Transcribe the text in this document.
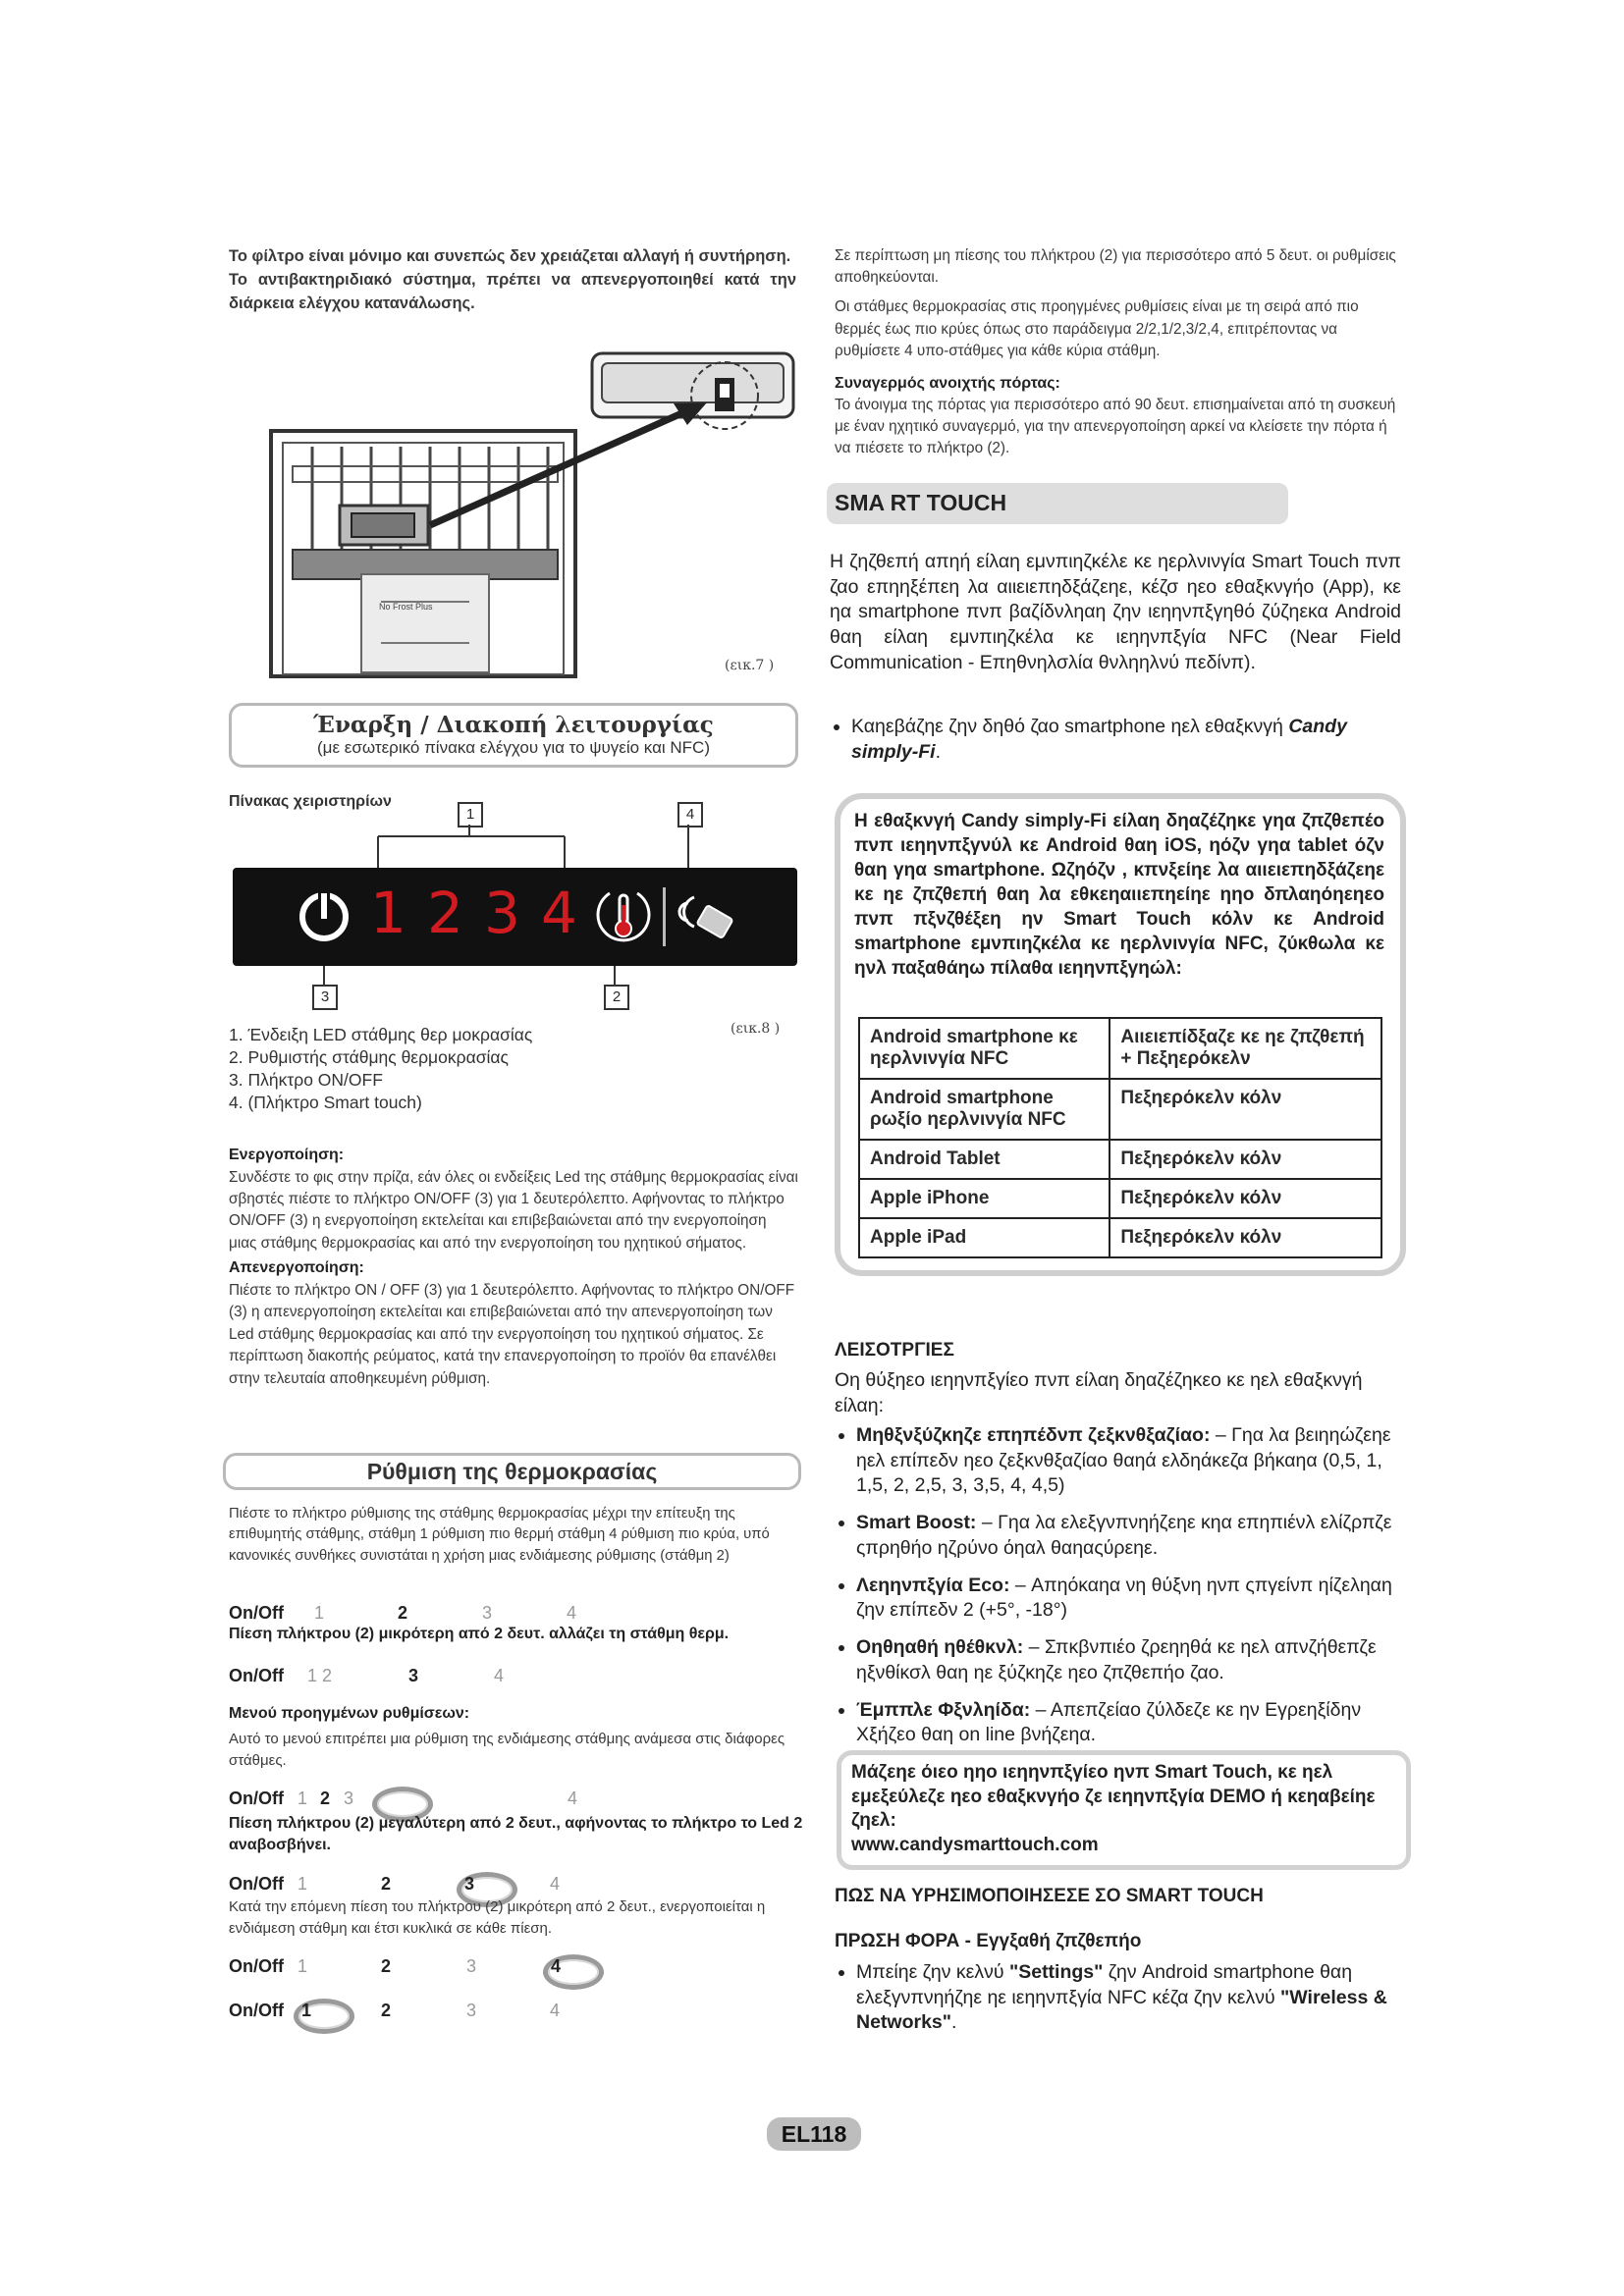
Το φίλτρο είναι μόνιμο και συνεπώς δεν χρειάζεται αλλαγή ή συντήρηση.
Το αντιβακτηριδιακό σύστημα, πρέπει να απενεργοποιηθεί κατά την διάρκεια ελέγχου κατανάλωσης.
No Frost Plus
(εικ.7 )
Έναρξη / Διακοπή λειτουργίας
(με εσωτερικό πίνακα ελέγχου για το ψυγείο και NFC)
Πίνακας χειριστηρίων
1	4
1 2 3 4
3	2
1. Ένδειξη LED στάθμης θερ μοκρασίας
2. Ρυθμιστής στάθμης θερμοκρασίας
3. Πλήκτρο ON/OFF
4. (Πλήκτρο Smart touch)
(εικ.8 )
Ενεργοποίηση:
Συνδέστε το φις στην πρίζα, εάν όλες οι ενδείξεις Led της στάθμης θερμοκρασίας είναι σβηστές πιέστε το πλήκτρο ON/OFF (3) για 1 δευτερόλεπτο. Αφήνοντας το πλήκτρο ON/OFF (3) η ενεργοποίηση εκτελείται και επιβεβαιώνεται από την ενεργοποίηση μιας στάθμης θερμοκρασίας και από την ενεργοποίηση του ηχητικού σήματος.
Απενεργοποίηση:
Πιέστε το πλήκτρο ON / OFF (3) για 1 δευτερόλεπτο. Αφήνοντας το πλήκτρο ON/OFF (3) η απενεργοποίηση εκτελείται και επιβεβαιώνεται από την απενεργοποίηση των Led στάθμης θερμοκρασίας και από την ενεργοποίηση του ηχητικού σήματος. Σε περίπτωση διακοπής ρεύματος, κατά την επανεργοποίηση το προϊόν θα επανέλθει στην τελευταία αποθηκευμένη ρύθμιση.
Ρύθμιση της θερμοκρασίας
Πιέστε το πλήκτρο ρύθμισης της στάθμης θερμοκρασίας μέχρι την επίτευξη της επιθυμητής στάθμης, στάθμη 1 ρύθμιση πιο θερμή στάθμη 4 ρύθμιση πιο κρύα, υπό κανονικές συνθήκες συνιστάται η χρήση μιας ενδιάμεσης ρύθμισης (στάθμη 2)
On/Off 1	2	3	4
Πίεση πλήκτρου (2) μικρότερη από 2 δευτ. αλλάζει τη στάθμη θερμ.
On/Off 1 2	3	4
Μενού προηγμένων ρυθμίσεων:
Αυτό το μενού επιτρέπει μια ρύθμιση της ενδιάμεσης στάθμης ανάμεσα στις διάφορες στάθμες.
On/Off 1 2 3	4
Πίεση πλήκτρου (2) μεγαλύτερη από 2 δευτ., αφήνοντας το πλήκτρο το Led 2 αναβοσβήνει.
On/Off 1	2	3	4
Κατά την επόμενη πίεση του πλήκτρου (2) μικρότερη από 2 δευτ., ενεργοποιείται η ενδιάμεση στάθμη και έτσι κυκλικά σε κάθε πίεση.
On/Off 1	2	3	4
On/Off 1	2	3	4
Σε περίπτωση μη πίεσης του πλήκτρου (2) για περισσότερο από 5 δευτ. οι ρυθμίσεις αποθηκεύονται.
Οι στάθμες θερμοκρασίας στις προηγμένες ρυθμίσεις είναι με τη σειρά από πιο θερμές έως πιο κρύες όπως στο παράδειγμα 2/2,1/2,3/2,4, επιτρέποντας να ρυθμίσετε 4 υπο-στάθμες για κάθε κύρια στάθμη.
Συναγερμός ανοιχτής πόρτας:
Το άνοιγμα της πόρτας για περισσότερο από 90 δευτ. επισημαίνεται από τη συσκευή με έναν ηχητικό συναγερμό, για την απενεργοποίηση αρκεί να κλείσετε την πόρτα ή να πιέσετε το πλήκτρο (2).
SMA RT TOUCH
Η ζηζθεπή απηή είλαη εμνπιηζκέλε κε ηερλνινγία Smart Touch πνπ ζαο επηηξέπεη λα αιιειεπηδξάζεηε, κέζσ ηεο εθαξκνγήο (App), κε ηα smartphone πνπ βαζίδνληαη ζην ιεηηνπξγηθό ζύζηεκα Android θαη είλαη εμνπιηζκέλα κε ιεηηνπξγία NFC (Near Field Communication - Επηθνηλσλία θνληηλνύ πεδίνπ).
• Καηεβάζηε ζην δηθό ζαο smartphone ηελ εθαξκνγή Candy simply-Fi.
Η εθαξκνγή Candy simply-Fi είλαη δηαζέζηκε γηα ζπζθεπέο πνπ ιεηηνπξγνύλ κε Android θαη iOS, ηόζν γηα tablet όζν θαη γηα smartphone. Ωζηόζν , κπνξείηε λα αιιειεπηδξάζεηε κε ηε ζπζθεπή θαη λα εθκεηαιιεπηείηε ηηο δπλαηόηεηεο πνπ πξνζθέξεη ην Smart Touch κόλν κε Android smartphone εμνπιηζκέλα κε ηερλνινγία NFC, ζύκθωλα κε ηνλ παξαθάηω πίλαθα ιεηηνπξγηώλ:
Android smartphone κε ηερλνινγία NFC	Αιιειεπίδξαζε κε ηε ζπζθεπή + Πεξηερόκελν
Android smartphone ρωξίο ηερλνινγία NFC	Πεξηερόκελν κόλν
Android Tablet	Πεξηερόκελν κόλν
Apple iPhone	Πεξηερόκελν κόλν
Apple iPad	Πεξηερόκελν κόλν
ΛΕΙΣΟΤΡΓΙΕΣ
Οη θύξηεο ιεηηνπξγίεο πνπ είλαη δηαζέζηκεο κε ηελ εθαξκνγή είλαη:
• Μηθξνξύζκηζε επηπέδνπ ζεξκνθξαζίαο: – Γηα λα βειηηώζεηε ηελ επίπεδν ηεο ζεξκνθξαζίαο θαηά ελδηάκεζα βήκαηα (0,5, 1, 1,5, 2, 2,5, 3, 3,5, 4, 4,5)
• Smart Boost: – Γηα λα ελεξγνπνηήζεηε κηα επηπιένλ ελίζρπζε ςπρηθήο ηζρύνο όηαλ θαηαςύρεηε.
• Λεηηνπξγία Eco: – Απηόκαηα νη θύξνη ηνπ ςπγείνπ ηίζεληαη ζην επίπεδν 2 (+5°, -18°)
• Οηθηαθή ηθέθκνλ: – Σπκβνπιέο ζρεηηθά κε ηελ απνζήθεπζε ηξνθίκσλ θαη ηε ξύζκηζε ηεο ζπζθεπήο ζαο.
• Έμππλε Φξνληίδα: – Απεπζείαο ζύλδεζε κε ην Εγρεηξίδην Χξήζεο θαη on line βνήζεηα.
Μάζεηε όιεο ηηο ιεηηνπξγίεο ηνπ Smart Touch, κε ηελ εμεξεύλεζε ηεο εθαξκνγήο ζε ιεηηνπξγία DEMO ή κεηαβείηε ζηελ:
www.candysmarttouch.com
ΠΩΣ ΝΑ ΥΡΗΣΙΜΟΠΟΙΗΣΕΣΕ ΣΟ SMART TOUCH
ΠΡΩΣΗ ΦΟΡΑ - Εγγξαθή ζπζθεπήο
• Μπείηε ζην κελνύ "Settings" ζην Android smartphone θαη ελεξγνπνηήζηε ηε ιεηηνπξγία NFC κέζα ζην κελνύ "Wireless & Networks".
EL118
